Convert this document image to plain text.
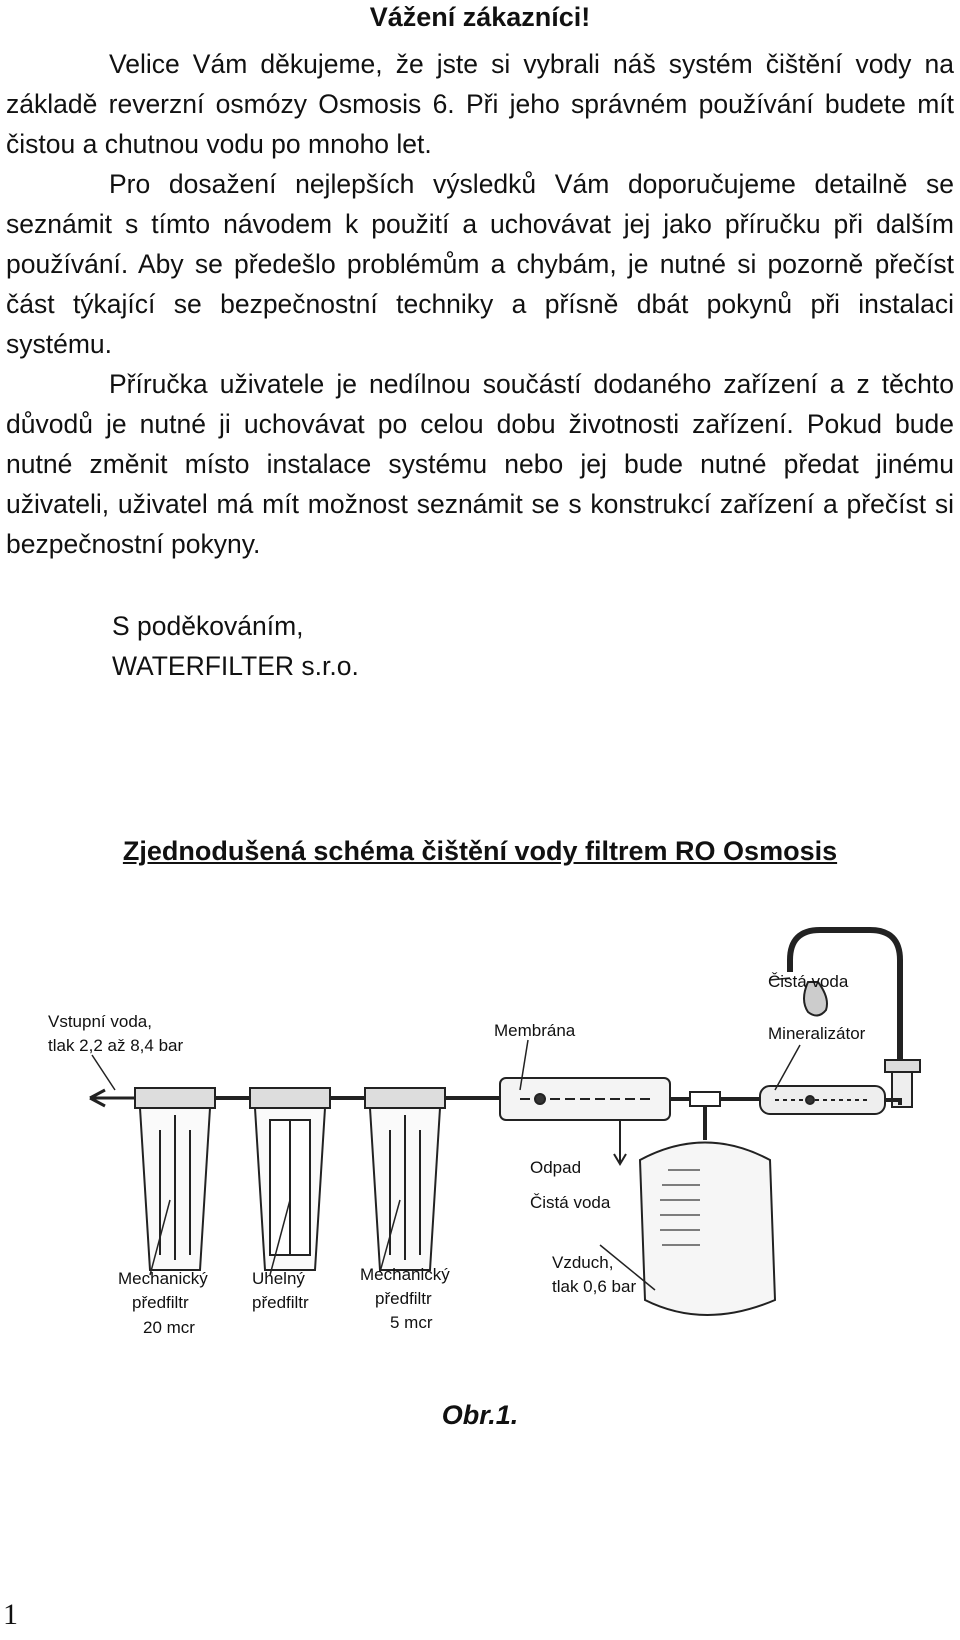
Vážení zákazníci!

Velice Vám děkujeme, že jste si vybrali náš systém čištění vody na základě reverzní osmózy Osmosis 6. Při jeho správném používání budete mít čistou a chutnou vodu po mnoho let.

Pro dosažení nejlepších výsledků Vám doporučujeme detailně se seznámit s tímto návodem k použití a uchovávat jej jako příručku při dalším používání. Aby se předešlo problémům a chybám, je nutné si pozorně přečíst část týkající se bezpečnostní techniky a přísně dbát pokynů při instalaci systému.

Příručka uživatele je nedílnou součástí dodaného zařízení a z těchto důvodů je nutné ji uchovávat po celou dobu životnosti zařízení. Pokud bude nutné změnit místo instalace systému nebo jej bude nutné předat jinému uživateli, uživatel má mít možnost seznámit se s konstrukcí zařízení a přečíst si bezpečnostní pokyny.

S poděkováním,
WATERFILTER s.r.o.
Zjednodušená schéma čištění vody filtrem RO Osmosis
Vstupní voda,
tlak 2,2 až 8,4 bar
Membrána
Čistá voda
Mineralizátor
Odpad
Čistá voda
Vzduch,
tlak 0,6 bar
Mechanický
předfiltr
20 mcr
Uhelný
předfiltr
Mechanický
předfiltr
5 mcr
Obr.1.
1
